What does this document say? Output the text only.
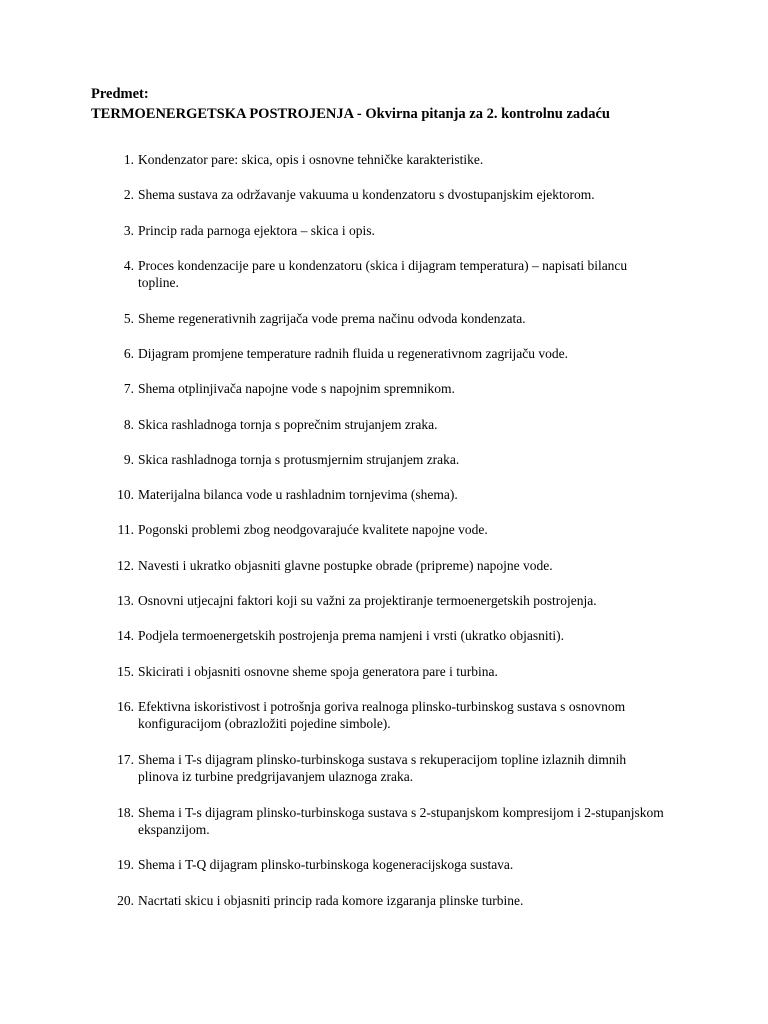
Predmet:
TERMOENERGETSKA POSTROJENJA - Okvirna pitanja za 2. kontrolnu zadaću
1. Kondenzator pare: skica, opis i osnovne tehničke karakteristike.
2. Shema sustava za održavanje vakuuma u kondenzatoru s dvostupanjskim ejektorom.
3. Princip rada parnoga ejektora – skica i opis.
4. Proces kondenzacije pare u kondenzatoru (skica i dijagram temperatura) – napisati bilancu topline.
5. Sheme regenerativnih zagrijača vode prema načinu odvoda kondenzata.
6. Dijagram promjene temperature radnih fluida u regenerativnom zagrijaču vode.
7. Shema otplinjivača napojne vode s napojnim spremnikom.
8. Skica rashladnoga tornja s poprečnim strujanjem zraka.
9. Skica rashladnoga tornja s protusmjernim strujanjem zraka.
10. Materijalna bilanca vode u rashladnim tornjevima (shema).
11. Pogonski problemi zbog neodgovarajuće kvalitete napojne vode.
12. Navesti i ukratko objasniti glavne postupke obrade (pripreme) napojne vode.
13. Osnovni utjecajni faktori koji su važni za projektiranje termoenergetskih postrojenja.
14. Podjela termoenergetskih postrojenja prema namjeni i vrsti (ukratko objasniti).
15. Skicirati i objasniti osnovne sheme spoja generatora pare i turbina.
16. Efektivna iskoristivost i potrošnja goriva realnoga plinsko-turbinskog sustava s osnovnom konfiguracijom (obrazložiti pojedine simbole).
17. Shema i T-s dijagram plinsko-turbinskoga sustava s rekuperacijom topline izlaznih dimnih plinova iz turbine predgrijavanjem ulaznoga zraka.
18. Shema i T-s dijagram plinsko-turbinskoga sustava s 2-stupanjskom kompresijom i 2-stupanjskom ekspanzijom.
19. Shema i T-Q dijagram plinsko-turbinskoga kogeneracijskoga sustava.
20. Nacrtati skicu i objasniti princip rada komore izgaranja plinske turbine.
